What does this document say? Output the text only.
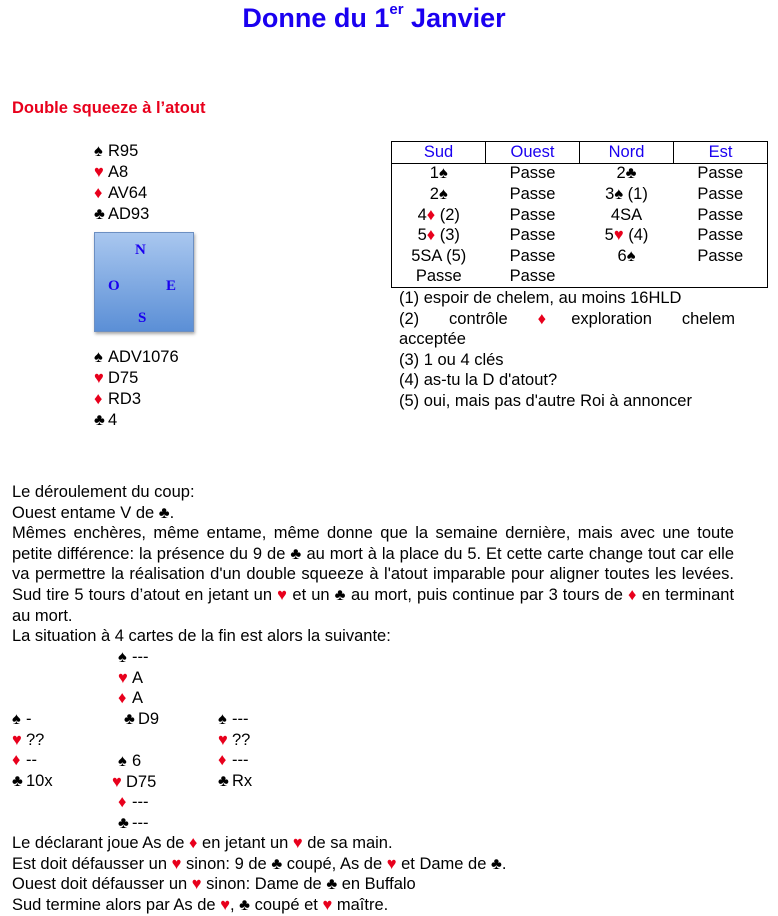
Donne du 1er Janvier
Double squeeze à l’atout
♠ R95
♥ A8
♦ AV64
♣ AD93
N
O	E
S
♠ ADV1076
♥ D75
♦ RD3
♣ 4
Sud	Ouest	Nord	Est
1♠	Passe	2♣	Passe
2♠	Passe	3♠ (1)	Passe
4♦ (2)	Passe	4SA	Passe
5♦ (3)	Passe	5♥ (4)	Passe
5SA (5)	Passe	6♠	Passe
Passe	Passe		
(1) espoir de chelem, au moins 16HLD
(2) contrôle ♦exploration chelem
acceptée
(3) 1 ou 4 clés
(4) as-tu la D d'atout?
(5) oui, mais pas d'autre Roi à annoncer

Le déroulement du coup:

Ouest entame V de ♣.

Mêmes enchères, même entame, même donne que la semaine dernière, mais avec une toute petite différence: la présence du 9 de ♣ au mort à la place du 5. Et cette carte change tout car elle va permettre la réalisation d'un double squeeze à l'atout imparable pour aligner toutes les levées. Sud tire 5 tours d’atout en jetant un ♥ et un ♣ au mort, puis continue par 3 tours de ♦ en terminant au mort.

La situation à 4 cartes de la fin est alors la suivante:

♠ ---
♥ A
♦ A
♣ D9
♠ -
♥ ??
♦ --
♣ 10x
♠ ---
♥ ??
♦ ---
♣ Rx
♠ 6
♥ D75
♦ ---
♣ ---

Le déclarant joue As de ♦ en jetant un ♥ de sa main.

Est doit défausser un ♥ sinon: 9 de ♣ coupé, As de ♥ et Dame de ♣.

Ouest doit défausser un ♥ sinon: Dame de ♣ en Buffalo

Sud termine alors par As de ♥, ♣ coupé et ♥ maître.
